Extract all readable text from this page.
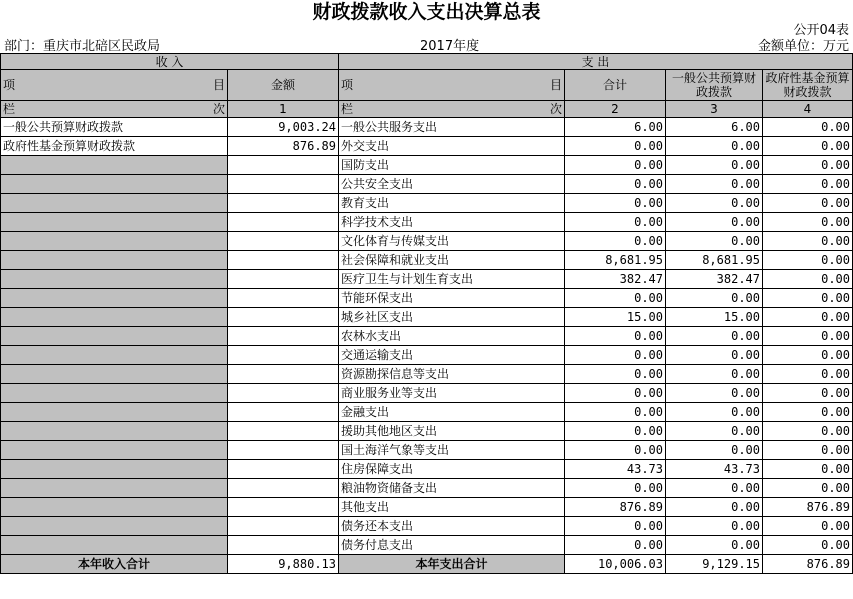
财政拨款收入支出决算总表
公开04表
部门：重庆市北碚区民政局	2017年度	金额单位：万元
收 入		支 出			

项 目	金额	项 目	合计	一般公共预算财政拨款	政府性基金预算财政拨款

栏 次	1	栏 次	2	3	4
一般公共预算财政拨款	9,003.24	一般公共服务支出	6.00	6.00	0.00
政府性基金预算财政拨款	876.89	外交支出	0.00	0.00	0.00
		国防支出	0.00	0.00	0.00
		公共安全支出	0.00	0.00	0.00
		教育支出	0.00	0.00	0.00
		科学技术支出	0.00	0.00	0.00
		文化体育与传媒支出	0.00	0.00	0.00
		社会保障和就业支出	8,681.95	8,681.95	0.00
		医疗卫生与计划生育支出	382.47	382.47	0.00
		节能环保支出	0.00	0.00	0.00
		城乡社区支出	15.00	15.00	0.00
		农林水支出	0.00	0.00	0.00
		交通运输支出	0.00	0.00	0.00
		资源勘探信息等支出	0.00	0.00	0.00
		商业服务业等支出	0.00	0.00	0.00
		金融支出	0.00	0.00	0.00
		援助其他地区支出	0.00	0.00	0.00
		国土海洋气象等支出	0.00	0.00	0.00
		住房保障支出	43.73	43.73	0.00
		粮油物资储备支出	0.00	0.00	0.00
		其他支出	876.89	0.00	876.89
		债务还本支出	0.00	0.00	0.00
		债务付息支出	0.00	0.00	0.00
本年收入合计	9,880.13	本年支出合计	10,006.03	9,129.15	876.89
